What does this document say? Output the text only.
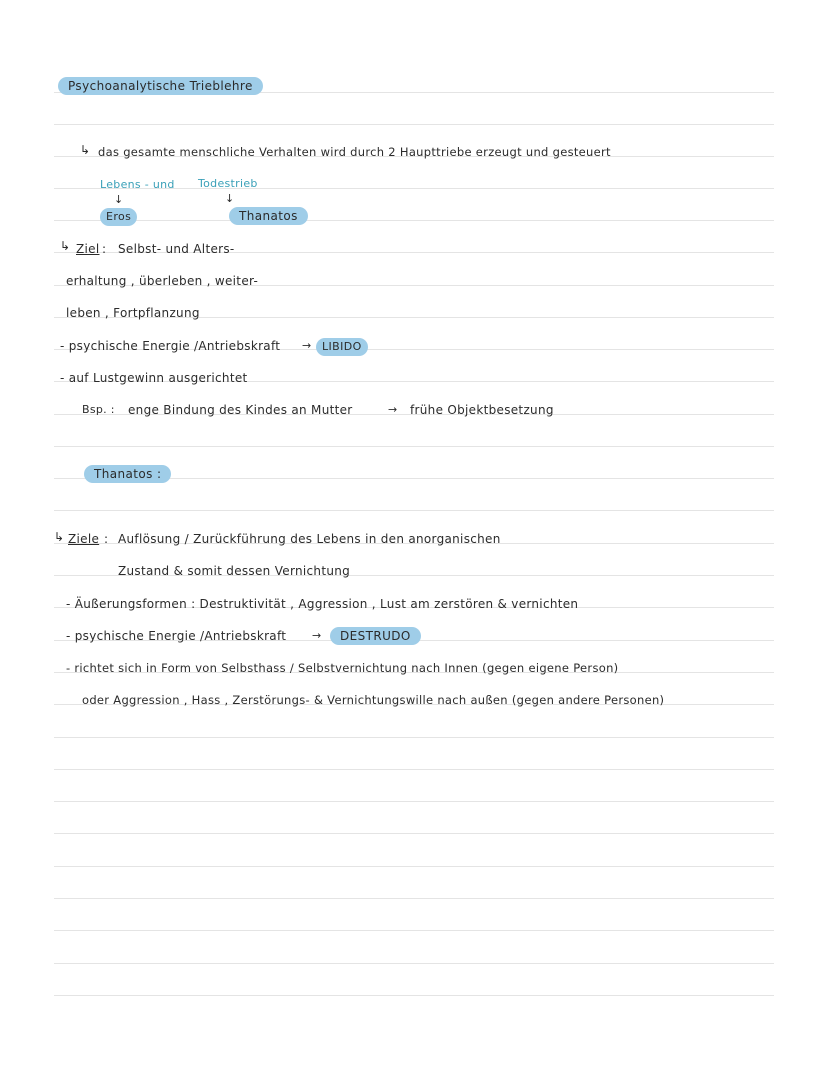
Psychoanalytische Trieblehre
↳ das gesamte menschliche Verhalten wird durch 2 Haupttriebe erzeugt und gesteuert
Lebens - und Todestrieb
↓	↓
Eros	Thanatos
↳ Ziel : Selbst- und Alters-
erhaltung , überleben , weiter-
leben , Fortpflanzung
- psychische Energie /Antriebskraft → LIBIDO
- auf Lustgewinn ausgerichtet
Bsp. : enge Bindung des Kindes an Mutter	→ frühe Objektbesetzung
Thanatos :
↳ Ziele : Auflösung / Zurückführung des Lebens in den anorganischen
Zustand & somit dessen Vernichtung
- Äußerungsformen : Destruktivität , Aggression , Lust am zerstören & vernichten
- psychische Energie /Antriebskraft →	DESTRUDO
- richtet sich in Form von Selbsthass / Selbstvernichtung nach Innen (gegen eigene Person)
oder Aggression , Hass , Zerstörungs- & Vernichtungswille nach außen (gegen andere Personen)
